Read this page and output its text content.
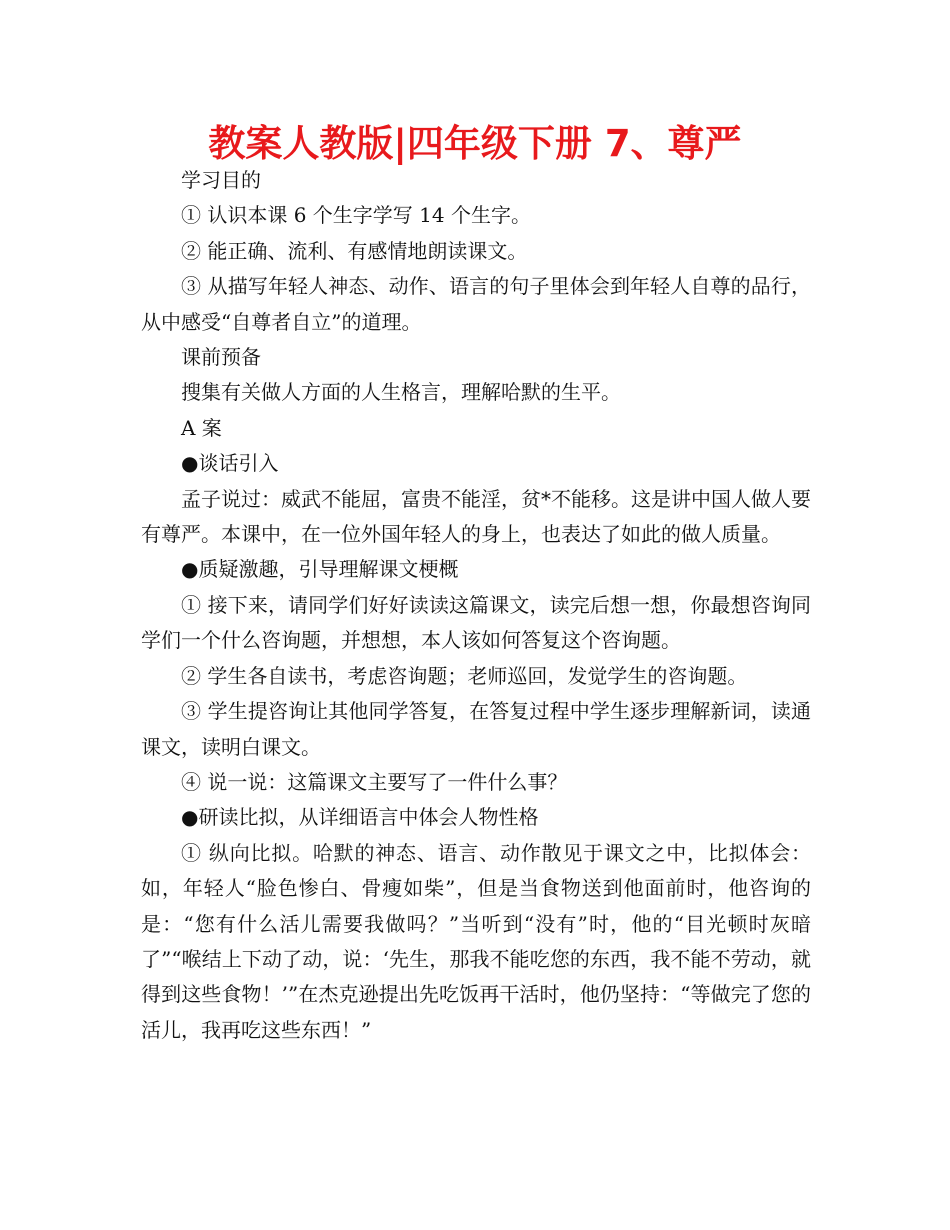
教案人教版|四年级下册 7、尊严

学习目的

① 认识本课 6 个生字学写 14 个生字。

② 能正确、流利、有感情地朗读课文。

③ 从描写年轻人神态、动作、语言的句子里体会到年轻人自尊的品行，从中感受“自尊者自立”的道理。

课前预备

搜集有关做人方面的人生格言，理解哈默的生平。

A 案

●谈话引入

孟子说过：威武不能屈，富贵不能淫，贫*不能移。这是讲中国人做人要有尊严。本课中，在一位外国年轻人的身上，也表达了如此的做人质量。

●质疑激趣，引导理解课文梗概

① 接下来，请同学们好好读读这篇课文，读完后想一想，你最想咨询同学们一个什么咨询题，并想想，本人该如何答复这个咨询题。

② 学生各自读书，考虑咨询题；老师巡回，发觉学生的咨询题。

③ 学生提咨询让其他同学答复，在答复过程中学生逐步理解新词，读通课文，读明白课文。

④ 说一说：这篇课文主要写了一件什么事？

●研读比拟，从详细语言中体会人物性格

① 纵向比拟。哈默的神态、语言、动作散见于课文之中，比拟体会：如，年轻人“脸色惨白、骨瘦如柴”，但是当食物送到他面前时，他咨询的是：“您有什么活儿需要我做吗？”当听到“没有”时，他的“目光顿时灰暗了”“喉结上下动了动，说：‘先生，那我不能吃您的东西，我不能不劳动，就得到这些食物！’”在杰克逊提出先吃饭再干活时，他仍坚持：“等做完了您的活儿，我再吃这些东西！”
